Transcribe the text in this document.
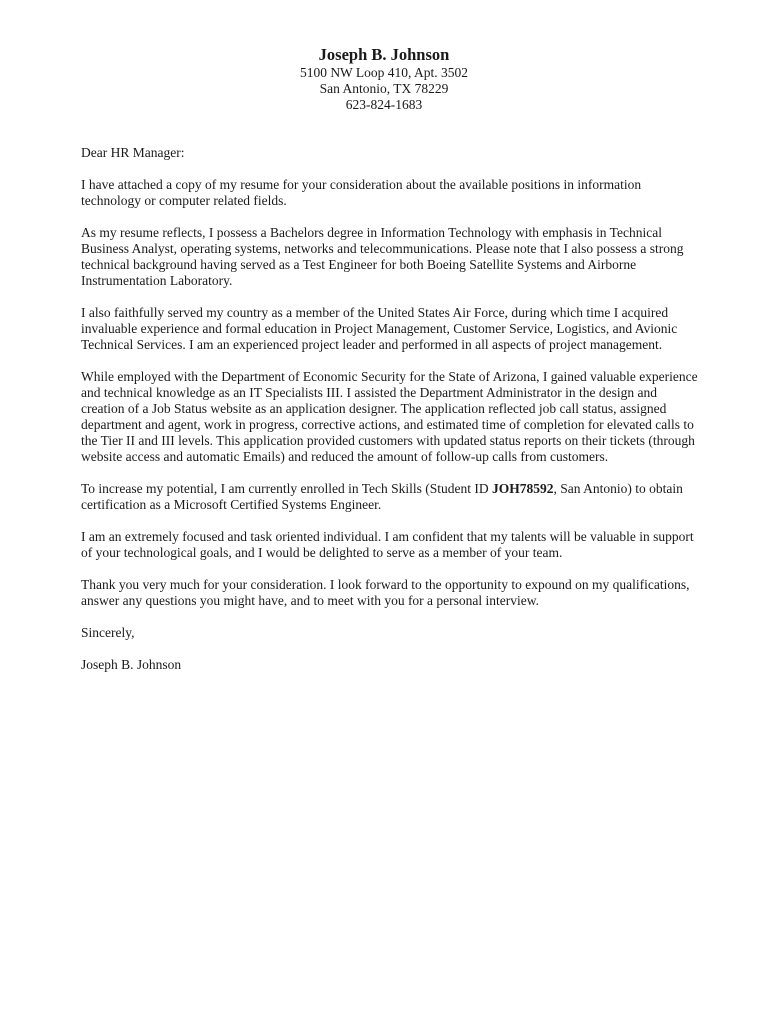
Joseph B. Johnson
5100 NW Loop 410, Apt. 3502
San Antonio, TX 78229
623-824-1683

Dear HR Manager:

I have attached a copy of my resume for your consideration about the available positions in information technology or computer related fields.

As my resume reflects, I possess a Bachelors degree in Information Technology with emphasis in Technical Business Analyst, operating systems, networks and telecommunications. Please note that I also possess a strong technical background having served as a Test Engineer for both Boeing Satellite Systems and Airborne Instrumentation Laboratory.

I also faithfully served my country as a member of the United States Air Force, during which time I acquired invaluable experience and formal education in Project Management, Customer Service, Logistics, and Avionic Technical Services. I am an experienced project leader and performed in all aspects of project management.

While employed with the Department of Economic Security for the State of Arizona, I gained valuable experience and technical knowledge as an IT Specialists III. I assisted the Department Administrator in the design and creation of a Job Status website as an application designer. The application reflected job call status, assigned department and agent, work in progress, corrective actions, and estimated time of completion for elevated calls to the Tier II and III levels. This application provided customers with updated status reports on their tickets (through website access and automatic Emails) and reduced the amount of follow-up calls from customers.

To increase my potential, I am currently enrolled in Tech Skills (Student ID JOH78592, San Antonio) to obtain certification as a Microsoft Certified Systems Engineer.

I am an extremely focused and task oriented individual. I am confident that my talents will be valuable in support of your technological goals, and I would be delighted to serve as a member of your team.

Thank you very much for your consideration. I look forward to the opportunity to expound on my qualifications, answer any questions you might have, and to meet with you for a personal interview.

Sincerely,

Joseph B. Johnson
